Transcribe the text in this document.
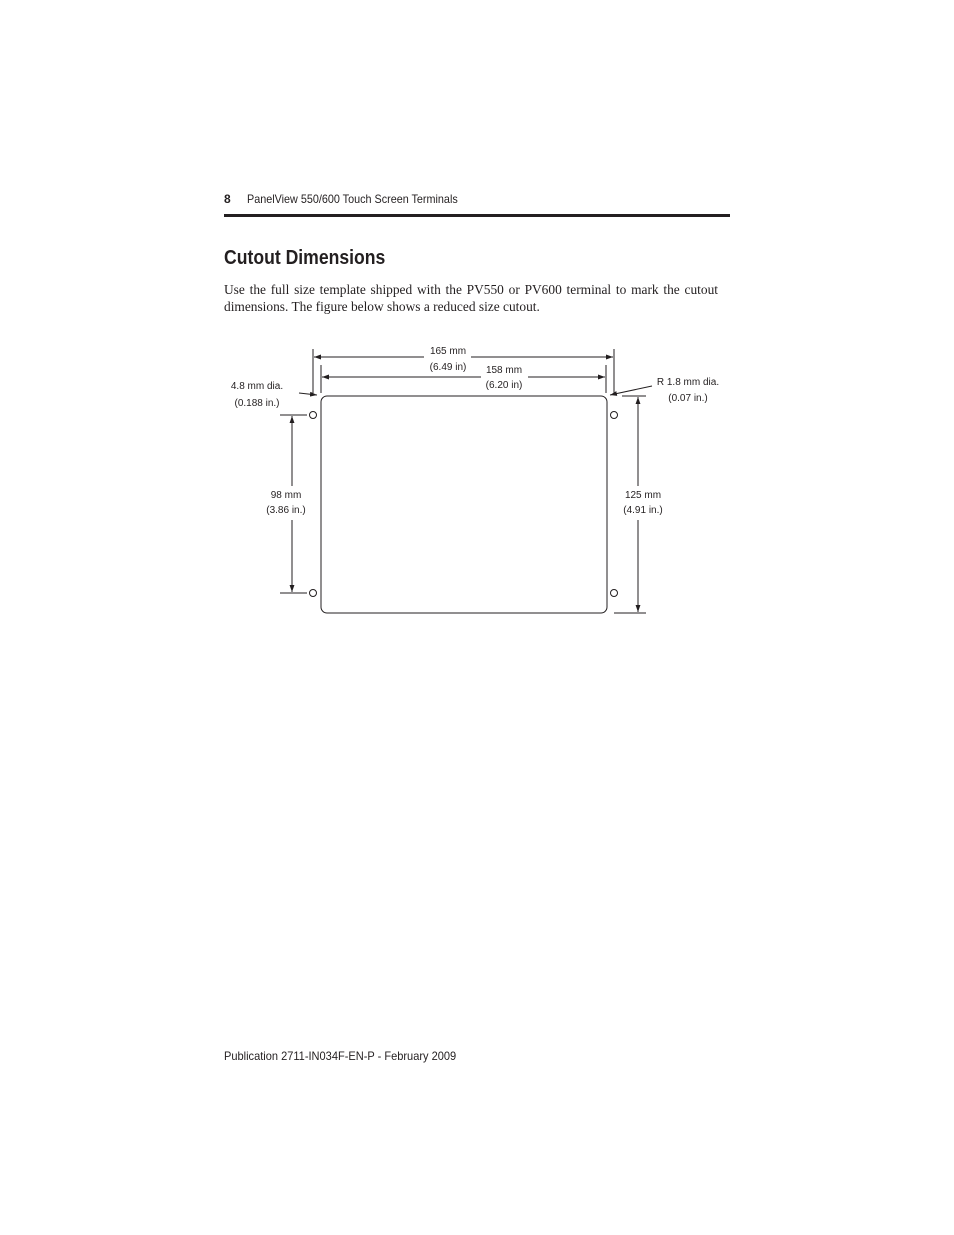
8 PanelView 550/600 Touch Screen Terminals
Cutout Dimensions
Use the full size template shipped with the PV550 or PV600 terminal to mark the cutout dimensions. The figure below shows a reduced size cutout.
165 mm
(6.49 in) 158 mm
(6.20 in)
4.8 mm dia.
(0.188 in.)
R 1.8 mm dia.
(0.07 in.)
98 mm
(3.86 in.)
125 mm
(4.91 in.)
Publication 2711-IN034F-EN-P - February 2009
